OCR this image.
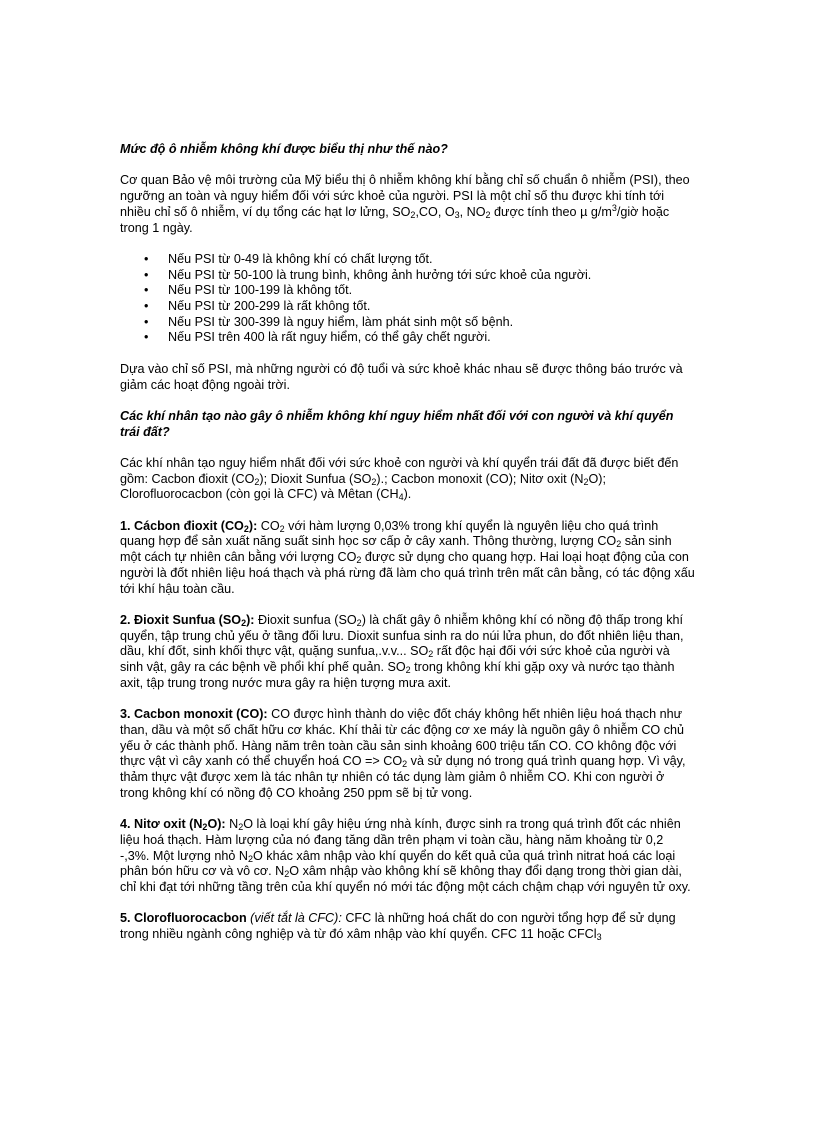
Mức độ ô nhiễm không khí được biểu thị như thế nào?

Cơ quan Bảo vệ môi trường của Mỹ biểu thị ô nhiễm không khí bằng chỉ số chuẩn ô nhiễm (PSI), theo ngưỡng an toàn và nguy hiểm đối với sức khoẻ của người. PSI là một chỉ số thu được khi tính tới nhiều chỉ số ô nhiễm, ví dụ tổng các hạt lơ lửng, $SO_2,CO$, $O_3$, $NO_2$ được tính theo µ $g/m^3$/giờ hoặc trong 1 ngày.

• Nếu PSI từ 0-49 là không khí có chất lượng tốt.
• Nếu PSI từ 50-100 là trung bình, không ảnh hưởng tới sức khoẻ của người.
• Nếu PSI từ 100-199 là không tốt.
• Nếu PSI từ 200-299 là rất không tốt.
• Nếu PSI từ 300-399 là nguy hiểm, làm phát sinh một số bệnh.
• Nếu PSI trên 400 là rất nguy hiểm, có thể gây chết người.

Dựa vào chỉ số PSI, mà những người có độ tuổi và sức khoẻ khác nhau sẽ được thông báo trước và giảm các hoạt động ngoài trời.

Các khí nhân tạo nào gây ô nhiễm không khí nguy hiểm nhất đối với con người và khí quyển trái đất?

Các khí nhân tạo nguy hiểm nhất đối với sức khoẻ con người và khí quyển trái đất đã được biết đến gồm: Cacbon đioxit $(CO_2)$; Dioxit Sunfua $(SO_2)$.; Cacbon monoxit (CO); Nitơ oxit $(N_2O)$; Clorofluorocacbon (còn gọi là CFC) và Mêtan $(CH_4)$.

1. Cácbon đioxit $(CO_2)$: $CO_2$ với hàm lượng 0,03% trong khí quyển là nguyên liệu cho quá trình quang hợp để sản xuất năng suất sinh học sơ cấp ở cây xanh. Thông thường, lượng $CO_2$ sản sinh một cách tự nhiên cân bằng với lượng $CO_2$ được sử dụng cho quang hợp. Hai loại hoạt động của con người là đốt nhiên liệu hoá thạch và phá rừng đã làm cho quá trình trên mất cân bằng, có tác động xấu tới khí hậu toàn cầu.

2. Đioxit Sunfua $(SO_2)$: Đioxit sunfua $(SO_2)$ là chất gây ô nhiễm không khí có nồng độ thấp trong khí quyển, tập trung chủ yếu ở tầng đối lưu. Dioxit sunfua sinh ra do núi lửa phun, do đốt nhiên liệu than, dầu, khí đốt, sinh khối thực vật, quặng sunfua,.v.v... $SO_2$ rất độc hại đối với sức khoẻ của người và sinh vật, gây ra các bệnh về phổi khí phế quản. $SO_2$ trong không khí khi gặp oxy và nước tạo thành axit, tập trung trong nước mưa gây ra hiện tượng mưa axit.

3. Cacbon monoxit (CO): CO được hình thành do việc đốt cháy không hết nhiên liệu hoá thạch như than, dầu và một số chất hữu cơ khác. Khí thải từ các động cơ xe máy là nguồn gây ô nhiễm CO chủ yếu ở các thành phố. Hàng năm trên toàn cầu sản sinh khoảng 600 triệu tấn CO. CO không độc với thực vật vì cây xanh có thể chuyển hoá CO => $CO_2$ và sử dụng nó trong quá trình quang hợp. Vì vậy, thảm thực vật được xem là tác nhân tự nhiên có tác dụng làm giảm ô nhiễm CO. Khi con người ở trong không khí có nồng độ CO khoảng 250 ppm sẽ bị tử vong.

4. Nitơ oxit $(N_2O)$: $N_2O$ là loại khí gây hiệu ứng nhà kính, được sinh ra trong quá trình đốt các nhiên liệu hoá thạch. Hàm lượng của nó đang tăng dần trên phạm vi toàn cầu, hàng năm khoảng từ 0,2 -,3%. Một lượng nhỏ $N_2O$ khác xâm nhập vào khí quyển do kết quả của quá trình nitrat hoá các loại phân bón hữu cơ và vô cơ. $N_2O$ xâm nhập vào không khí sẽ không thay đổi dạng trong thời gian dài, chỉ khi đạt tới những tầng trên của khí quyển nó mới tác động một cách chậm chạp với nguyên tử oxy.

5. Clorofluorocacbon (viết tắt là CFC): CFC là những hoá chất do con người tổng hợp để sử dụng trong nhiều ngành công nghiệp và từ đó xâm nhập vào khí quyển. CFC 11 hoặc CFCl$_3$
